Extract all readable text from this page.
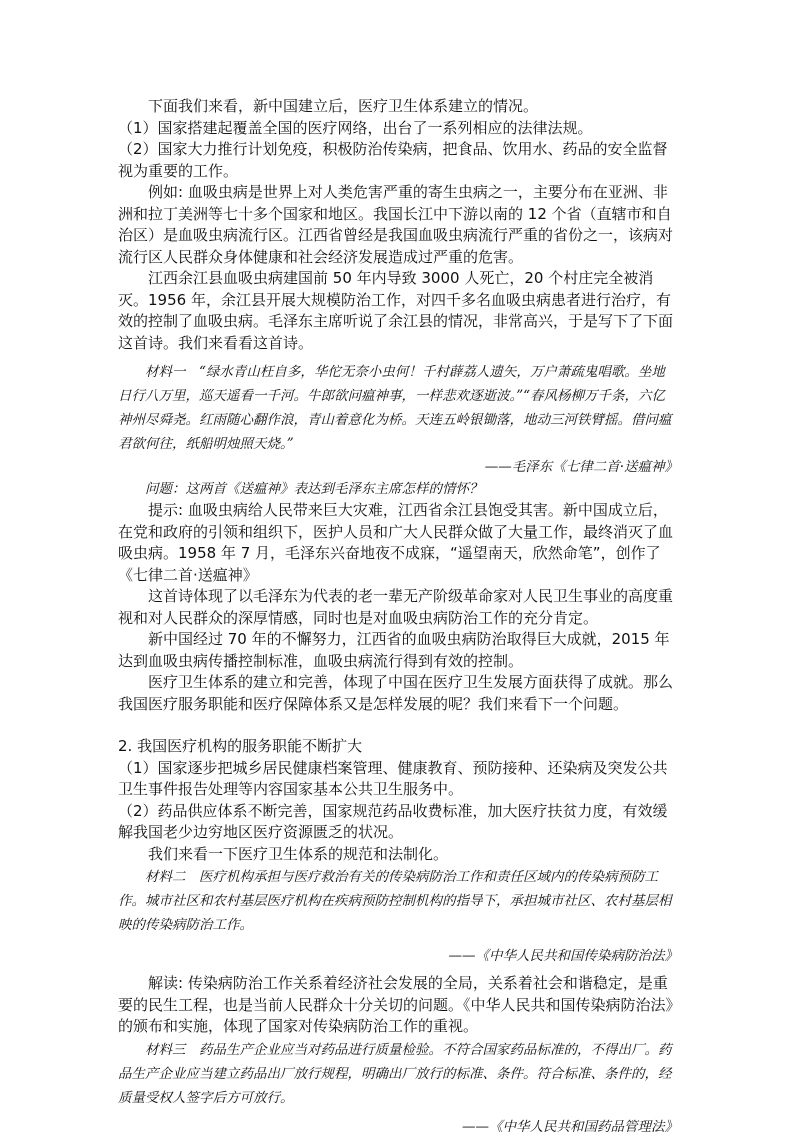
下面我们来看，新中国建立后，医疗卫生体系建立的情况。

（1）国家搭建起覆盖全国的医疗网络，出台了一系列相应的法律法规。

（2）国家大力推行计划免疫，积极防治传染病，把食品、饮用水、药品的安全监督视为重要的工作。

例如: 血吸虫病是世界上对人类危害严重的寄生虫病之一，主要分布在亚洲、非洲和拉丁美洲等七十多个国家和地区。我国长江中下游以南的 12 个省（直辖市和自治区）是血吸虫病流行区。江西省曾经是我国血吸虫病流行严重的省份之一，该病对流行区人民群众身体健康和社会经济发展造成过严重的危害。

江西余江县血吸虫病建国前 50 年内导致 3000 人死亡，20 个村庄完全被消灭。1956 年，余江县开展大规模防治工作，对四千多名血吸虫病患者进行治疗，有效的控制了血吸虫病。毛泽东主席听说了余江县的情况，非常高兴，于是写下了下面这首诗。我们来看看这首诗。

材料一　“绿水青山枉自多，华佗无奈小虫何！千村薜荔人遗矢，万户萧疏鬼唱歌。坐地日行八万里，巡天遥看一千河。牛郎欲问瘟神事，一样悲欢逐逝波。”“春风杨柳万千条，六亿神州尽舜尧。红雨随心翻作浪，青山着意化为桥。天连五岭银锄落，地动三河铁臂摇。借问瘟君欲何往，纸船明烛照天烧。”

——毛泽东《七律二首·送瘟神》

问题：这两首《送瘟神》表达到毛泽东主席怎样的情怀？

提示: 血吸虫病给人民带来巨大灾难，江西省余江县饱受其害。新中国成立后，在党和政府的引领和组织下，医护人员和广大人民群众做了大量工作，最终消灭了血吸虫病。1958 年 7 月，毛泽东兴奋地夜不成寐，“遥望南天，欣然命笔”，创作了《七律二首·送瘟神》

这首诗体现了以毛泽东为代表的老一辈无产阶级革命家对人民卫生事业的高度重视和对人民群众的深厚情感，同时也是对血吸虫病防治工作的充分肯定。

新中国经过 70 年的不懈努力，江西省的血吸虫病防治取得巨大成就，2015 年达到血吸虫病传播控制标准，血吸虫病流行得到有效的控制。

医疗卫生体系的建立和完善，体现了中国在医疗卫生发展方面获得了成就。那么我国医疗服务职能和医疗保障体系又是怎样发展的呢？我们来看下一个问题。

2. 我国医疗机构的服务职能不断扩大

（1）国家逐步把城乡居民健康档案管理、健康教育、预防接种、还染病及突发公共卫生事件报告处理等内容国家基本公共卫生服务中。

（2）药品供应体系不断完善，国家规范药品收费标准，加大医疗扶贫力度，有效缓解我国老少边穷地区医疗资源匮乏的状况。

我们来看一下医疗卫生体系的规范和法制化。

材料二　医疗机构承担与医疗救治有关的传染病防治工作和责任区域内的传染病预防工作。城市社区和农村基层医疗机构在疾病预防控制机构的指导下，承担城市社区、农村基层相映的传染病防治工作。

——《中华人民共和国传染病防治法》

解读: 传染病防治工作关系着经济社会发展的全局，关系着社会和谐稳定，是重要的民生工程，也是当前人民群众十分关切的问题。《中华人民共和国传染病防治法》的颁布和实施，体现了国家对传染病防治工作的重视。

材料三　药品生产企业应当对药品进行质量检验。不符合国家药品标准的，不得出厂。药品生产企业应当建立药品出厂放行规程，明确出厂放行的标准、条件。符合标准、条件的，经质量受权人签字后方可放行。

——《中华人民共和国药品管理法》
